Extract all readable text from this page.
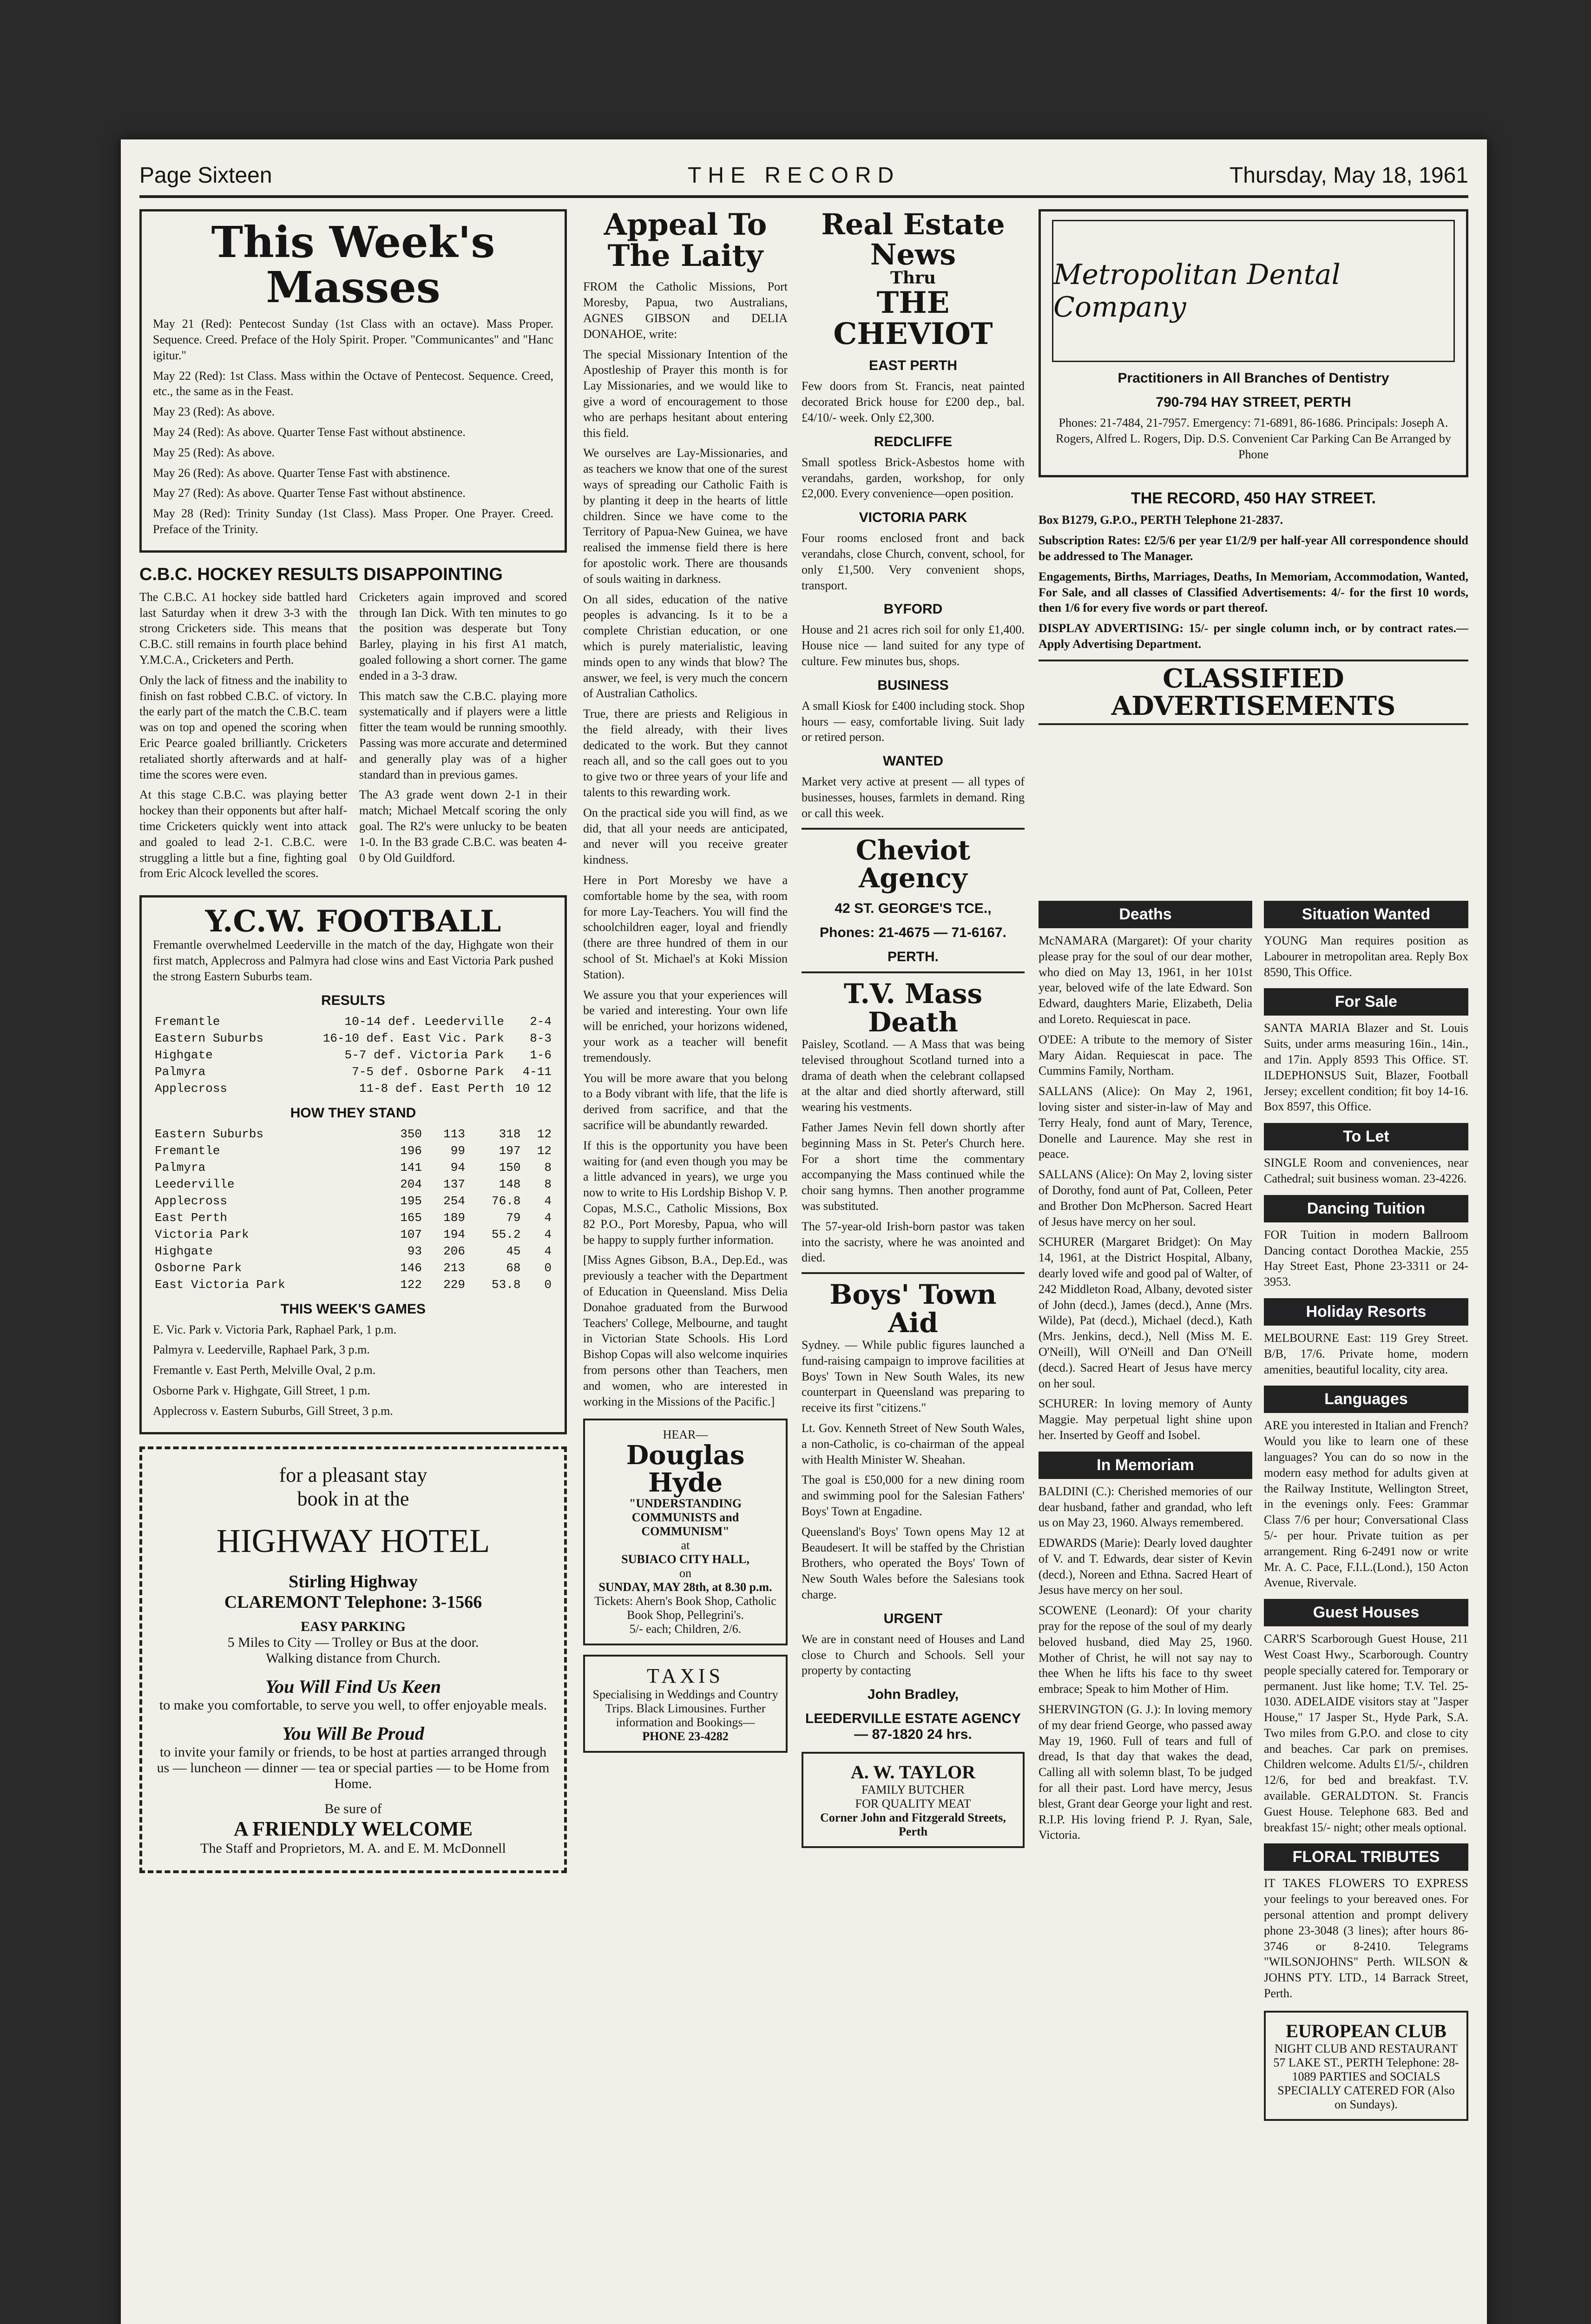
Page Sixteen	THE RECORD	Thursday, May 18, 1961
This Week's Masses

May 21 (Red): Pentecost Sunday (1st Class with an octave). Mass Proper. Sequence. Creed. Preface of the Holy Spirit. Proper. "Communicantes" and "Hanc igitur."

May 22 (Red): 1st Class. Mass within the Octave of Pentecost. Sequence. Creed, etc., the same as in the Feast.

May 23 (Red): As above.

May 24 (Red): As above. Quarter Tense Fast without abstinence.

May 25 (Red): As above.

May 26 (Red): As above. Quarter Tense Fast with abstinence.

May 27 (Red): As above. Quarter Tense Fast without abstinence.

May 28 (Red): Trinity Sunday (1st Class). Mass Proper. One Prayer. Creed. Preface of the Trinity.

C.B.C. HOCKEY RESULTS DISAPPOINTING

The C.B.C. A1 hockey side battled hard last Saturday when it drew 3-3 with the strong Cricketers side. This means that C.B.C. still remains in fourth place behind Y.M.C.A., Cricketers and Perth.

Only the lack of fitness and the inability to finish on fast robbed C.B.C. of victory. In the early part of the match the C.B.C. team was on top and opened the scoring when Eric Pearce goaled brilliantly. Cricketers retaliated shortly afterwards and at half-time the scores were even.

At this stage C.B.C. was playing better hockey than their opponents but after half-time Cricketers quickly went into attack and goaled to lead 2-1. C.B.C. were struggling a little but a fine, fighting goal from Eric Alcock levelled the scores.

Cricketers again improved and scored through Ian Dick. With ten minutes to go the position was desperate but Tony Barley, playing in his first A1 match, goaled following a short corner. The game ended in a 3-3 draw.

This match saw the C.B.C. playing more systematically and if players were a little fitter the team would be running smoothly. Passing was more accurate and determined and generally play was of a higher standard than in previous games.

The A3 grade went down 2-1 in their match; Michael Metcalf scoring the only goal. The R2's were unlucky to be beaten 1-0. In the B3 grade C.B.C. was beaten 4-0 by Old Guildford.

Y.C.W. FOOTBALL

Fremantle overwhelmed Leederville in the match of the day, Highgate won their first match, Applecross and Palmyra had close wins and East Victoria Park pushed the strong Eastern Suburbs team.

RESULTS
Fremantle	10-14 def. Leederville	2-4
Eastern Suburbs	16-10 def. East Vic. Park	8-3
Highgate	5-7 def. Victoria Park	1-6
Palmyra	7-5 def. Osborne Park	4-11
Applecross	11-8 def. East Perth	10 12
HOW THEY STAND
Eastern Suburbs	350	113	318	12
Fremantle	196	99	197	12
Palmyra	141	94	150	8
Leederville	204	137	148	8
Applecross	195	254	76.8	4
East Perth	165	189	79	4
Victoria Park	107	194	55.2	4
Highgate	93	206	45	4
Osborne Park	146	213	68	0
East Victoria Park	122	229	53.8	0
THIS WEEK'S GAMES

E. Vic. Park v. Victoria Park, Raphael Park, 1 p.m.

Palmyra v. Leederville, Raphael Park, 3 p.m.

Fremantle v. East Perth, Melville Oval, 2 p.m.

Osborne Park v. Highgate, Gill Street, 1 p.m.

Applecross v. Eastern Suburbs, Gill Street, 3 p.m.

for a pleasant stay
book in at the
HIGHWAY HOTEL
Stirling Highway
CLAREMONT Telephone: 3-1566
EASY PARKING
5 Miles to City — Trolley or Bus at the door.
Walking distance from Church.
You Will Find Us Keen
to make you comfortable, to serve you well, to offer enjoyable meals.
You Will Be Proud
to invite your family or friends, to be host at parties arranged through us — luncheon — dinner — tea or special parties — to be Home from Home.
Be sure of
A FRIENDLY WELCOME
The Staff and Proprietors, M. A. and E. M. McDonnell
Appeal To The Laity

FROM the Catholic Missions, Port Moresby, Papua, two Australians, AGNES GIBSON and DELIA DONAHOE, write:

The special Missionary Intention of the Apostleship of Prayer this month is for Lay Missionaries, and we would like to give a word of encouragement to those who are perhaps hesitant about entering this field.

We ourselves are Lay-Missionaries, and as teachers we know that one of the surest ways of spreading our Catholic Faith is by planting it deep in the hearts of little children. Since we have come to the Territory of Papua-New Guinea, we have realised the immense field there is here for apostolic work. There are thousands of souls waiting in darkness.

On all sides, education of the native peoples is advancing. Is it to be a complete Christian education, or one which is purely materialistic, leaving minds open to any winds that blow? The answer, we feel, is very much the concern of Australian Catholics.

True, there are priests and Religious in the field already, with their lives dedicated to the work. But they cannot reach all, and so the call goes out to you to give two or three years of your life and talents to this rewarding work.

On the practical side you will find, as we did, that all your needs are anticipated, and never will you receive greater kindness.

Here in Port Moresby we have a comfortable home by the sea, with room for more Lay-Teachers. You will find the schoolchildren eager, loyal and friendly (there are three hundred of them in our school of St. Michael's at Koki Mission Station).

We assure you that your experiences will be varied and interesting. Your own life will be enriched, your horizons widened, your work as a teacher will benefit tremendously.

You will be more aware that you belong to a Body vibrant with life, that the life is derived from sacrifice, and that the sacrifice will be abundantly rewarded.

If this is the opportunity you have been waiting for (and even though you may be a little advanced in years), we urge you now to write to His Lordship Bishop V. P. Copas, M.S.C., Catholic Missions, Box 82 P.O., Port Moresby, Papua, who will be happy to supply further information.

[Miss Agnes Gibson, B.A., Dep.Ed., was previously a teacher with the Department of Education in Queensland. Miss Delia Donahoe graduated from the Burwood Teachers' College, Melbourne, and taught in Victorian State Schools. His Lord Bishop Copas will also welcome inquiries from persons other than Teachers, men and women, who are interested in working in the Missions of the Pacific.]

HEAR—
Douglas Hyde
"UNDERSTANDING COMMUNISTS and COMMUNISM"
at
SUBIACO CITY HALL,
on
SUNDAY, MAY 28th, at 8.30 p.m.
Tickets: Ahern's Book Shop, Catholic Book Shop, Pellegrini's.
5/- each; Children, 2/6.
TAXIS
Specialising in Weddings and Country Trips. Black Limousines. Further information and Bookings—
PHONE 23-4282
Real Estate News
Thru
THE CHEVIOT
EAST PERTH

Few doors from St. Francis, neat painted decorated Brick house for £200 dep., bal. £4/10/- week. Only £2,300.

REDCLIFFE

Small spotless Brick-Asbestos home with verandahs, garden, workshop, for only £2,000. Every convenience—open position.

VICTORIA PARK

Four rooms enclosed front and back verandahs, close Church, convent, school, for only £1,500. Very convenient shops, transport.

BYFORD

House and 21 acres rich soil for only £1,400. House nice — land suited for any type of culture. Few minutes bus, shops.

BUSINESS

A small Kiosk for £400 including stock. Shop hours — easy, comfortable living. Suit lady or retired person.

WANTED

Market very active at present — all types of businesses, houses, farmlets in demand. Ring or call this week.

Cheviot Agency
42 ST. GEORGE'S TCE.,
Phones: 21-4675 — 71-6167.
PERTH.
T.V. Mass Death

Paisley, Scotland. — A Mass that was being televised throughout Scotland turned into a drama of death when the celebrant collapsed at the altar and died shortly afterward, still wearing his vestments.

Father James Nevin fell down shortly after beginning Mass in St. Peter's Church here. For a short time the commentary accompanying the Mass continued while the choir sang hymns. Then another programme was substituted.

The 57-year-old Irish-born pastor was taken into the sacristy, where he was anointed and died.

Boys' Town Aid

Sydney. — While public figures launched a fund-raising campaign to improve facilities at Boys' Town in New South Wales, its new counterpart in Queensland was preparing to receive its first "citizens."

Lt. Gov. Kenneth Street of New South Wales, a non-Catholic, is co-chairman of the appeal with Health Minister W. Sheahan.

The goal is £50,000 for a new dining room and swimming pool for the Salesian Fathers' Boys' Town at Engadine.

Queensland's Boys' Town opens May 12 at Beaudesert. It will be staffed by the Christian Brothers, who operated the Boys' Town of New South Wales before the Salesians took charge.

URGENT

We are in constant need of Houses and Land close to Church and Schools. Sell your property by contacting

John Bradley,
LEEDERVILLE ESTATE AGENCY — 87-1820 24 hrs.
A. W. TAYLOR
FAMILY BUTCHER
FOR QUALITY MEAT
Corner John and Fitzgerald Streets, Perth
Metropolitan Dental Company
Practitioners in All Branches of Dentistry
790-794 HAY STREET, PERTH

Phones: 21-7484, 21-7957. Emergency: 71-6891, 86-1686. Principals: Joseph A. Rogers, Alfred L. Rogers, Dip. D.S. Convenient Car Parking Can Be Arranged by Phone

THE RECORD, 450 HAY STREET.

Box B1279, G.P.O., PERTH Telephone 21-2837.

Subscription Rates: £2/5/6 per year £1/2/9 per half-year All correspondence should be addressed to The Manager.

Engagements, Births, Marriages, Deaths, In Memoriam, Accommodation, Wanted, For Sale, and all classes of Classified Advertisements: 4/- for the first 10 words, then 1/6 for every five words or part thereof.

DISPLAY ADVERTISING: 15/- per single column inch, or by contract rates.—Apply Advertising Department.

CLASSIFIED ADVERTISEMENTS
Deaths

McNAMARA (Margaret): Of your charity please pray for the soul of our dear mother, who died on May 13, 1961, in her 101st year, beloved wife of the late Edward. Son Edward, daughters Marie, Elizabeth, Delia and Loreto. Requiescat in pace.

O'DEE: A tribute to the memory of Sister Mary Aidan. Requiescat in pace. The Cummins Family, Northam.

SALLANS (Alice): On May 2, 1961, loving sister and sister-in-law of May and Terry Healy, fond aunt of Mary, Terence, Donelle and Laurence. May she rest in peace.

SALLANS (Alice): On May 2, loving sister of Dorothy, fond aunt of Pat, Colleen, Peter and Brother Don McPherson. Sacred Heart of Jesus have mercy on her soul.

SCHURER (Margaret Bridget): On May 14, 1961, at the District Hospital, Albany, dearly loved wife and good pal of Walter, of 242 Middleton Road, Albany, devoted sister of John (decd.), James (decd.), Anne (Mrs. Wilde), Pat (decd.), Michael (decd.), Kath (Mrs. Jenkins, decd.), Nell (Miss M. E. O'Neill), Will O'Neill and Dan O'Neill (decd.). Sacred Heart of Jesus have mercy on her soul.

SCHURER: In loving memory of Aunty Maggie. May perpetual light shine upon her. Inserted by Geoff and Isobel.

In Memoriam

BALDINI (C.): Cherished memories of our dear husband, father and grandad, who left us on May 23, 1960. Always remembered.

EDWARDS (Marie): Dearly loved daughter of V. and T. Edwards, dear sister of Kevin (decd.), Noreen and Ethna. Sacred Heart of Jesus have mercy on her soul.

SCOWENE (Leonard): Of your charity pray for the repose of the soul of my dearly beloved husband, died May 25, 1960. Mother of Christ, he will not say nay to thee When he lifts his face to thy sweet embrace; Speak to him Mother of Him.

SHERVINGTON (G. J.): In loving memory of my dear friend George, who passed away May 19, 1960. Full of tears and full of dread, Is that day that wakes the dead, Calling all with solemn blast, To be judged for all their past. Lord have mercy, Jesus blest, Grant dear George your light and rest. R.I.P. His loving friend P. J. Ryan, Sale, Victoria.

Situation Wanted

YOUNG Man requires position as Labourer in metropolitan area. Reply Box 8590, This Office.

For Sale

SANTA MARIA Blazer and St. Louis Suits, under arms measuring 16in., 14in., and 17in. Apply 8593 This Office. ST. ILDEPHONSUS Suit, Blazer, Football Jersey; excellent condition; fit boy 14-16. Box 8597, this Office.

To Let

SINGLE Room and conveniences, near Cathedral; suit business woman. 23-4226.

Dancing Tuition

FOR Tuition in modern Ballroom Dancing contact Dorothea Mackie, 255 Hay Street East, Phone 23-3311 or 24-3953.

Holiday Resorts

MELBOURNE East: 119 Grey Street. B/B, 17/6. Private home, modern amenities, beautiful locality, city area.

Languages

ARE you interested in Italian and French? Would you like to learn one of these languages? You can do so now in the modern easy method for adults given at the Railway Institute, Wellington Street, in the evenings only. Fees: Grammar Class 7/6 per hour; Conversational Class 5/- per hour. Private tuition as per arrangement. Ring 6-2491 now or write Mr. A. C. Pace, F.I.L.(Lond.), 150 Acton Avenue, Rivervale.

Guest Houses

CARR'S Scarborough Guest House, 211 West Coast Hwy., Scarborough. Country people specially catered for. Temporary or permanent. Just like home; T.V. Tel. 25-1030. ADELAIDE visitors stay at "Jasper House," 17 Jasper St., Hyde Park, S.A. Two miles from G.P.O. and close to city and beaches. Car park on premises. Children welcome. Adults £1/5/-, children 12/6, for bed and breakfast. T.V. available. GERALDTON. St. Francis Guest House. Telephone 683. Bed and breakfast 15/- night; other meals optional.

FLORAL TRIBUTES

IT TAKES FLOWERS TO EXPRESS your feelings to your bereaved ones. For personal attention and prompt delivery phone 23-3048 (3 lines); after hours 86-3746 or 8-2410. Telegrams "WILSONJOHNS" Perth. WILSON & JOHNS PTY. LTD., 14 Barrack Street, Perth.

EUROPEAN CLUB
NIGHT CLUB AND RESTAURANT 57 LAKE ST., PERTH Telephone: 28-1089 PARTIES and SOCIALS SPECIALLY CATERED FOR (Also on Sundays).
